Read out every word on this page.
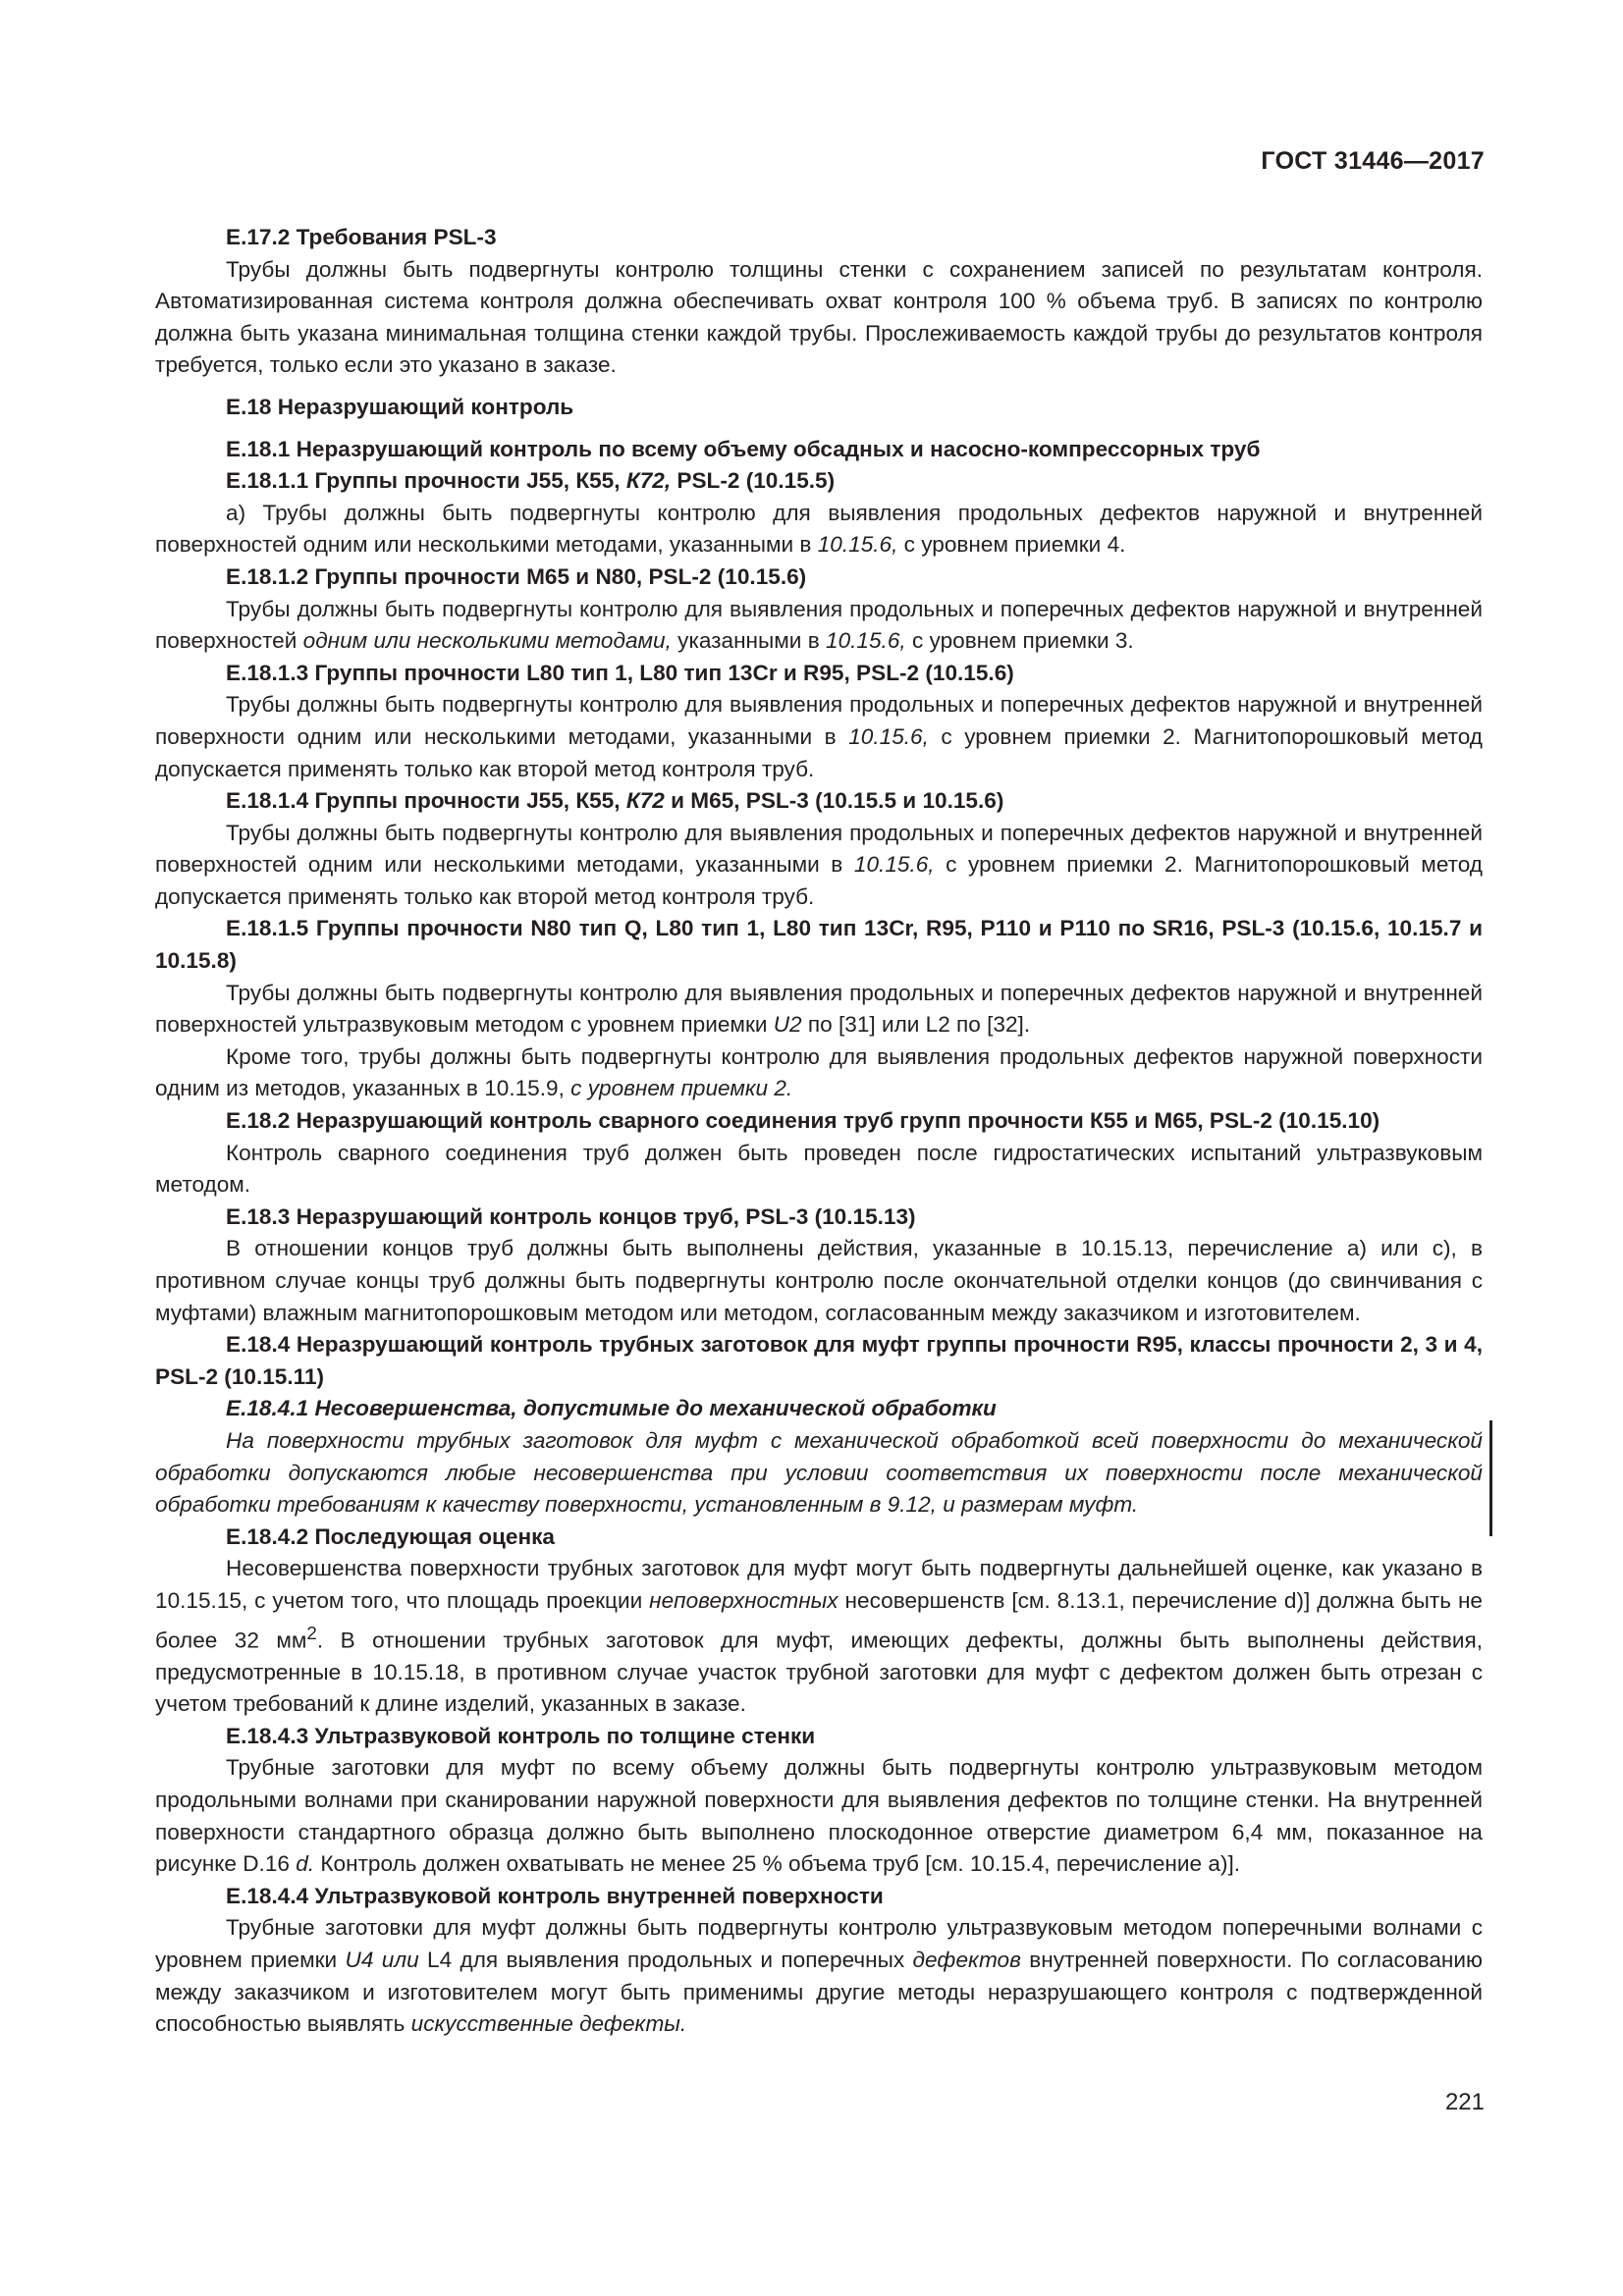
ГОСТ 31446—2017

Е.17.2 Требования PSL-3

Трубы должны быть подвергнуты контролю толщины стенки с сохранением записей по результатам контроля. Автоматизированная система контроля должна обеспечивать охват контроля 100 % объема труб. В записях по контролю должна быть указана минимальная толщина стенки каждой трубы. Прослеживаемость каждой трубы до результатов контроля требуется, только если это указано в заказе.

Е.18 Неразрушающий контроль

Е.18.1 Неразрушающий контроль по всему объему обсадных и насосно-компрессорных труб

Е.18.1.1 Группы прочности J55, К55, К72, PSL-2 (10.15.5)

а) Трубы должны быть подвергнуты контролю для выявления продольных дефектов наружной и внутренней поверхностей одним или несколькими методами, указанными в 10.15.6, с уровнем приемки 4.

Е.18.1.2 Группы прочности М65 и N80, PSL-2 (10.15.6)

Трубы должны быть подвергнуты контролю для выявления продольных и поперечных дефектов наружной и внутренней поверхностей одним или несколькими методами, указанными в 10.15.6, с уровнем приемки 3.

Е.18.1.3 Группы прочности L80 тип 1, L80 тип 13Cr и R95, PSL-2 (10.15.6)

Трубы должны быть подвергнуты контролю для выявления продольных и поперечных дефектов наружной и внутренней поверхности одним или несколькими методами, указанными в 10.15.6, с уровнем приемки 2. Магнитопорошковый метод допускается применять только как второй метод контроля труб.

Е.18.1.4 Группы прочности J55, К55, К72 и М65, PSL-3 (10.15.5 и 10.15.6)

Трубы должны быть подвергнуты контролю для выявления продольных и поперечных дефектов наружной и внутренней поверхностей одним или несколькими методами, указанными в 10.15.6, с уровнем приемки 2. Магнитопорошковый метод допускается применять только как второй метод контроля труб.

Е.18.1.5 Группы прочности N80 тип Q, L80 тип 1, L80 тип 13Cr, R95, Р110 и Р110 по SR16, PSL-3 (10.15.6, 10.15.7 и 10.15.8)

Трубы должны быть подвергнуты контролю для выявления продольных и поперечных дефектов наружной и внутренней поверхностей ультразвуковым методом с уровнем приемки U2 по [31] или L2 по [32].

Кроме того, трубы должны быть подвергнуты контролю для выявления продольных дефектов наружной поверхности одним из методов, указанных в 10.15.9, с уровнем приемки 2.

Е.18.2 Неразрушающий контроль сварного соединения труб групп прочности К55 и М65, PSL-2 (10.15.10)

Контроль сварного соединения труб должен быть проведен после гидростатических испытаний ультразвуковым методом.

Е.18.3 Неразрушающий контроль концов труб, PSL-3 (10.15.13)

В отношении концов труб должны быть выполнены действия, указанные в 10.15.13, перечисление а) или с), в противном случае концы труб должны быть подвергнуты контролю после окончательной отделки концов (до свинчивания с муфтами) влажным магнитопорошковым методом или методом, согласованным между заказчиком и изготовителем.

Е.18.4 Неразрушающий контроль трубных заготовок для муфт группы прочности R95, классы прочности 2, 3 и 4, PSL-2 (10.15.11)

Е.18.4.1 Несовершенства, допустимые до механической обработки

На поверхности трубных заготовок для муфт с механической обработкой всей поверхности до механической обработки допускаются любые несовершенства при условии соответствия их поверхности после механической обработки требованиям к качеству поверхности, установленным в 9.12, и размерам муфт.

Е.18.4.2 Последующая оценка

Несовершенства поверхности трубных заготовок для муфт могут быть подвергнуты дальнейшей оценке, как указано в 10.15.15, с учетом того, что площадь проекции неповерхностных несовершенств [см. 8.13.1, перечисление d)] должна быть не более 32 $мм^2$. В отношении трубных заготовок для муфт, имеющих дефекты, должны быть выполнены действия, предусмотренные в 10.15.18, в противном случае участок трубной заготовки для муфт с дефектом должен быть отрезан с учетом требований к длине изделий, указанных в заказе.

Е.18.4.3 Ультразвуковой контроль по толщине стенки

Трубные заготовки для муфт по всему объему должны быть подвергнуты контролю ультразвуковым методом продольными волнами при сканировании наружной поверхности для выявления дефектов по толщине стенки. На внутренней поверхности стандартного образца должно быть выполнено плоскодонное отверстие диаметром 6,4 мм, показанное на рисунке D.16 d. Контроль должен охватывать не менее 25 % объема труб [см. 10.15.4, перечисление а)].

Е.18.4.4 Ультразвуковой контроль внутренней поверхности

Трубные заготовки для муфт должны быть подвергнуты контролю ультразвуковым методом поперечными волнами с уровнем приемки U4 или L4 для выявления продольных и поперечных дефектов внутренней поверхности. По согласованию между заказчиком и изготовителем могут быть применимы другие методы неразрушающего контроля с подтвержденной способностью выявлять искусственные дефекты.

221
